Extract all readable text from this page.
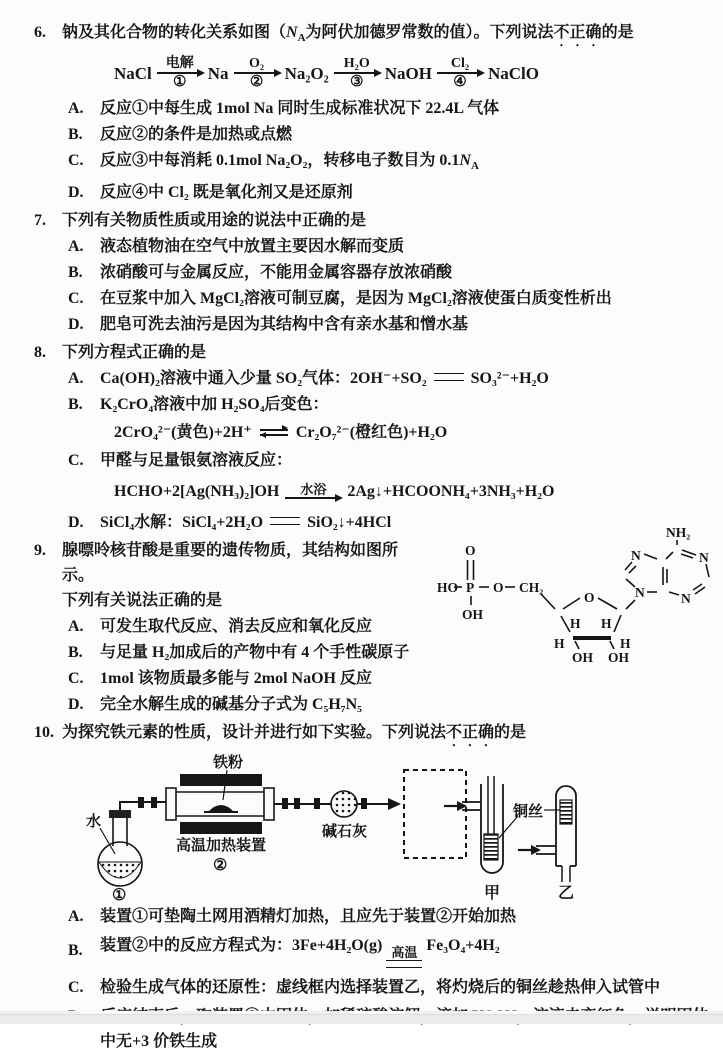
6.	钠及其化合物的转化关系如图（$N_A$为阿伏加德罗常数的值）。下列说法不正确的是
NaCl
电解
① Na
O₂
② Na₂O₂
H₂O
③ NaOH
Cl₂
④ NaClO
A.	反应①中每生成 1mol Na 同时生成标准状况下 22.4L 气体
B.	反应②的条件是加热或点燃
C.	反应③中每消耗 0.1mol Na₂O₂，转移电子数目为 $0.1N_A$
D.	反应④中 Cl₂ 既是氧化剂又是还原剂
7.	下列有关物质性质或用途的说法中正确的是
A.	液态植物油在空气中放置主要因水解而变质
B.	浓硝酸可与金属反应，不能用金属容器存放浓硝酸
C.	在豆浆中加入 MgCl₂溶液可制豆腐，是因为 MgCl₂溶液使蛋白质变性析出
D.	肥皂可洗去油污是因为其结构中含有亲水基和憎水基
8.	下列方程式正确的是
A.	Ca(OH)₂溶液中通入少量 SO₂气体：2OH⁻+SO₂	SO₃²⁻+H₂O
B.	K₂CrO₄溶液中加 H₂SO₄后变色：
2CrO₄²⁻(黄色)+2H⁺ ⇌ Cr₂O₇²⁻(橙红色)+H₂O
C.	甲醛与足量银氨溶液反应：
HCHO+2[Ag(NH₃)₂]OH 水浴 2Ag↓+HCOONH₄+3NH₃+H₂O
D.	SiCl₄水解：SiCl₄+2H₂O	SiO₂↓+4HCl
9.	腺嘌呤核苷酸是重要的遗传物质，其结构如图所示。
下列有关说法正确的是
A.	可发生取代反应、消去反应和氧化反应
B.	与足量 H₂加成后的产物中有 4 个手性碳原子
C.	1mol 该物质最多能与 2mol NaOH 反应
D.	完全水解生成的碱基分子式为 C₅H₇N₅
HO P
O
OH
O CH₂
O
H H
H	H
OH OH
NH₂
N
N
N
N
10. 为探究铁元素的性质，设计并进行如下实验。下列说法不正确的是
水
①
铁粉
高温加热装置
②
碱石灰
铜丝
甲	乙
A.	装置①可垫陶土网用酒精灯加热，且应先于装置②开始加热
B.	装置②中的反应方程式为：3Fe+4H₂O(g) 高温 Fe₃O₄+4H₂
C.	检验生成气体的还原性：虚线框内选择装置乙，将灼烧后的铜丝趁热伸入试管中
中无+3 价铁生成
